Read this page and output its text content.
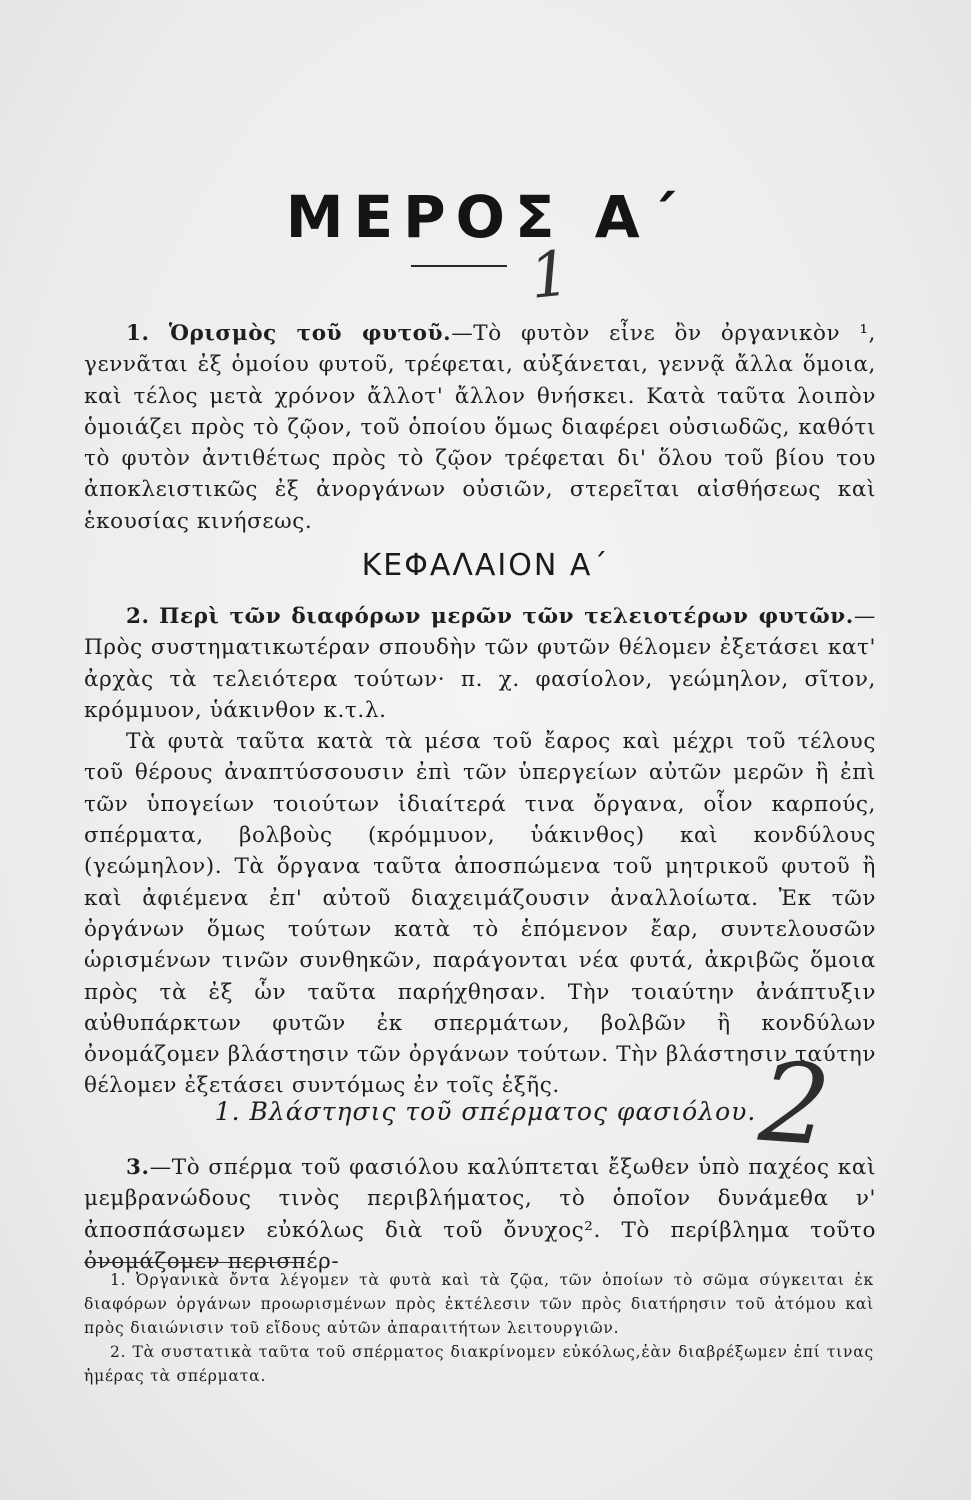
ΜΕΡΟΣ Α΄
1

1. Ὁρισμὸς τοῦ φυτοῦ.—Τὸ φυτὸν εἶνε ὂν ὀργανικὸν ¹, γεννᾶται ἐξ ὁμοίου φυτοῦ, τρέφεται, αὐξάνεται, γεννᾷ ἄλλα ὅμοια, καὶ τέλος μετὰ χρόνον ἄλλοτ' ἄλλον θνήσκει. Κατὰ ταῦτα λοιπὸν ὁμοιάζει πρὸς τὸ ζῷον, τοῦ ὁποίου ὅμως διαφέρει οὐσιωδῶς, καθότι τὸ φυτὸν ἀντιθέτως πρὸς τὸ ζῷον τρέφεται δι' ὅλου τοῦ βίου του ἀποκλειστικῶς ἐξ ἀνοργάνων οὐσιῶν, στερεῖται αἰσθήσεως καὶ ἑκουσίας κινήσεως.

ΚΕΦΑΛΑΙΟΝ Α΄

2. Περὶ τῶν διαφόρων μερῶν τῶν τελειοτέρων φυτῶν.—Πρὸς συστηματικωτέραν σπουδὴν τῶν φυτῶν θέλομεν ἐξετάσει κατ' ἀρχὰς τὰ τελειότερα τούτων· π. χ. φασίολον, γεώμηλον, σῖτον, κρόμμυον, ὑάκινθον κ.τ.λ.

Τὰ φυτὰ ταῦτα κατὰ τὰ μέσα τοῦ ἔαρος καὶ μέχρι τοῦ τέλους τοῦ θέρους ἀναπτύσσουσιν ἐπὶ τῶν ὑπεργείων αὐτῶν μερῶν ἢ ἐπὶ τῶν ὑπογείων τοιούτων ἰδιαίτερά τινα ὄργανα, οἷον καρπούς, σπέρματα, βολβοὺς (κρόμμυον, ὑάκινθος) καὶ κονδύλους (γεώμηλον). Τὰ ὄργανα ταῦτα ἀποσπώμενα τοῦ μητρικοῦ φυτοῦ ἢ καὶ ἀφιέμενα ἐπ' αὐτοῦ διαχειμάζουσιν ἀναλλοίωτα. Ἐκ τῶν ὀργάνων ὅμως τούτων κατὰ τὸ ἑπόμενον ἔαρ, συντελουσῶν ὡρισμένων τινῶν συνθηκῶν, παράγονται νέα φυτά, ἀκριβῶς ὅμοια πρὸς τὰ ἐξ ὧν ταῦτα παρήχθησαν. Τὴν τοιαύτην ἀνάπτυξιν αὐθυπάρκτων φυτῶν ἐκ σπερμάτων, βολβῶν ἢ κονδύλων ὀνομάζομεν βλάστησιν τῶν ὀργάνων τούτων. Τὴν βλάστησιν ταύτην θέλομεν ἐξετάσει συντόμως ἐν τοῖς ἑξῆς.

1. Βλάστησις τοῦ σπέρματος φασιόλου. 2

3.—Τὸ σπέρμα τοῦ φασιόλου καλύπτεται ἔξωθεν ὑπὸ παχέος καὶ μεμβρανώδους τινὸς περιβλήματος, τὸ ὁποῖον δυνάμεθα ν' ἀποσπάσωμεν εὐκόλως διὰ τοῦ ὄνυχος². Τὸ περίβλημα τοῦτο ὀνομάζομεν περισπέρ-

1. Ὀργανικὰ ὄντα λέγομεν τὰ φυτὰ καὶ τὰ ζῷα, τῶν ὁποίων τὸ σῶμα σύγκειται ἐκ διαφόρων ὀργάνων προωρισμένων πρὸς ἐκτέλεσιν τῶν πρὸς διατήρησιν τοῦ ἀτόμου καὶ πρὸς διαιώνισιν τοῦ εἴδους αὐτῶν ἀπαραιτήτων λειτουργιῶν.

2. Τὰ συστατικὰ ταῦτα τοῦ σπέρματος διακρίνομεν εὐκόλως,ἐὰν διαβρέξωμεν ἐπί τινας ἡμέρας τὰ σπέρματα.
